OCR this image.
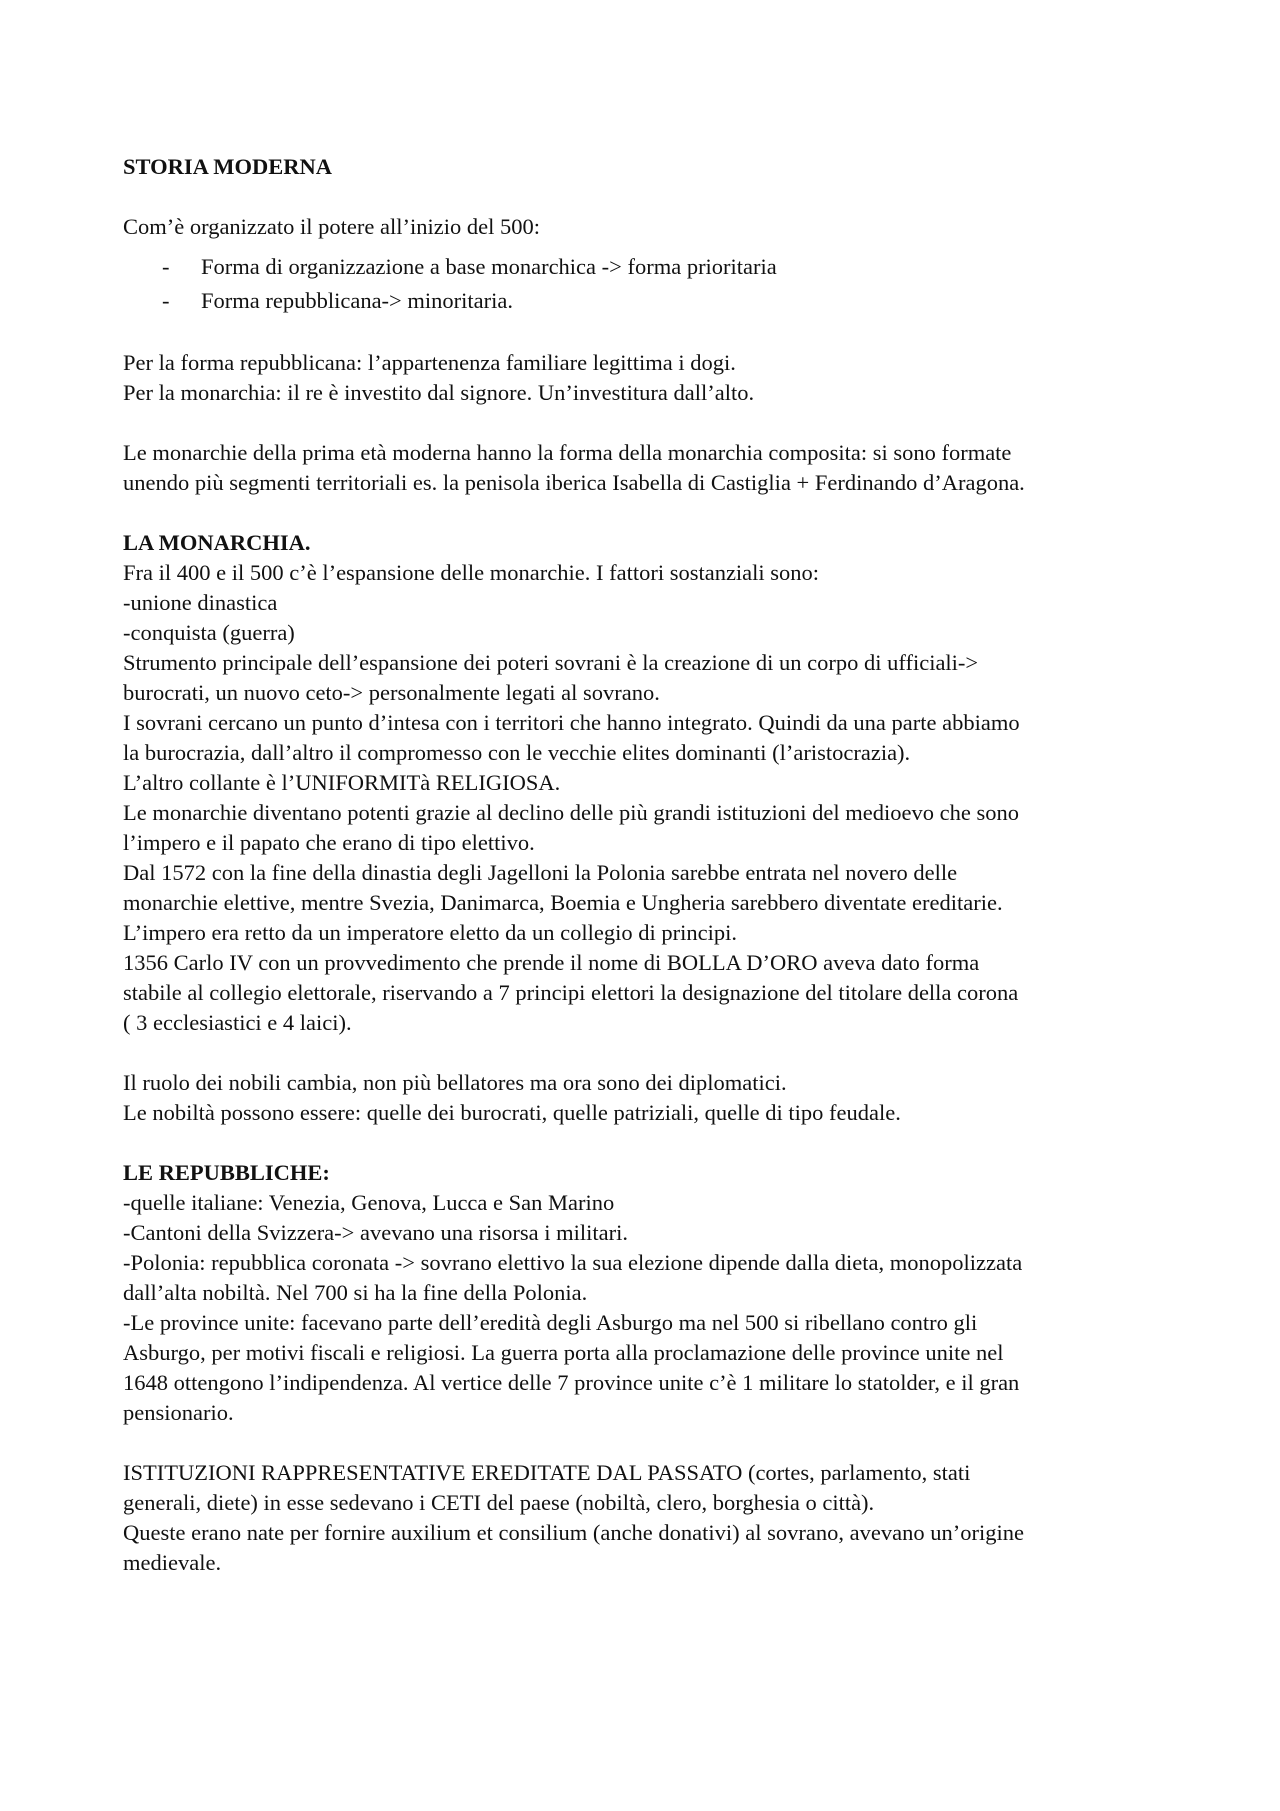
STORIA MODERNA

Com’è organizzato il potere all’inizio del 500:

- Forma di organizzazione a base monarchica -> forma prioritaria
- Forma repubblicana-> minoritaria.

Per la forma repubblicana: l’appartenenza familiare legittima i dogi.

Per la monarchia: il re è investito dal signore. Un’investitura dall’alto.

Le monarchie della prima età moderna hanno la forma della monarchia composita: si sono formate

unendo più segmenti territoriali es. la penisola iberica Isabella di Castiglia + Ferdinando d’Aragona.

LA MONARCHIA.

Fra il 400 e il 500 c’è l’espansione delle monarchie. I fattori sostanziali sono:

-unione dinastica

-conquista (guerra)

Strumento principale dell’espansione dei poteri sovrani è la creazione di un corpo di ufficiali->

burocrati, un nuovo ceto-> personalmente legati al sovrano.

I sovrani cercano un punto d’intesa con i territori che hanno integrato. Quindi da una parte abbiamo

la burocrazia, dall’altro il compromesso con le vecchie elites dominanti (l’aristocrazia).

L’altro collante è l’UNIFORMITà RELIGIOSA.

Le monarchie diventano potenti grazie al declino delle più grandi istituzioni del medioevo che sono

l’impero e il papato che erano di tipo elettivo.

Dal 1572 con la fine della dinastia degli Jagelloni la Polonia sarebbe entrata nel novero delle

monarchie elettive, mentre Svezia, Danimarca, Boemia e Ungheria sarebbero diventate ereditarie.

L’impero era retto da un imperatore eletto da un collegio di principi.

1356 Carlo IV con un provvedimento che prende il nome di BOLLA D’ORO aveva dato forma

stabile al collegio elettorale, riservando a 7 principi elettori la designazione del titolare della corona

( 3 ecclesiastici e 4 laici).

Il ruolo dei nobili cambia, non più bellatores ma ora sono dei diplomatici.

Le nobiltà possono essere: quelle dei burocrati, quelle patriziali, quelle di tipo feudale.

LE REPUBBLICHE:

-quelle italiane: Venezia, Genova, Lucca e San Marino

-Cantoni della Svizzera-> avevano una risorsa i militari.

-Polonia: repubblica coronata -> sovrano elettivo la sua elezione dipende dalla dieta, monopolizzata

dall’alta nobiltà. Nel 700 si ha la fine della Polonia.

-Le province unite: facevano parte dell’eredità degli Asburgo ma nel 500 si ribellano contro gli

Asburgo, per motivi fiscali e religiosi. La guerra porta alla proclamazione delle province unite nel

1648 ottengono l’indipendenza. Al vertice delle 7 province unite c’è 1 militare lo statolder, e il gran

pensionario.

ISTITUZIONI RAPPRESENTATIVE EREDITATE DAL PASSATO (cortes, parlamento, stati

generali, diete) in esse sedevano i CETI del paese (nobiltà, clero, borghesia o città).

Queste erano nate per fornire auxilium et consilium (anche donativi) al sovrano, avevano un’origine

medievale.
